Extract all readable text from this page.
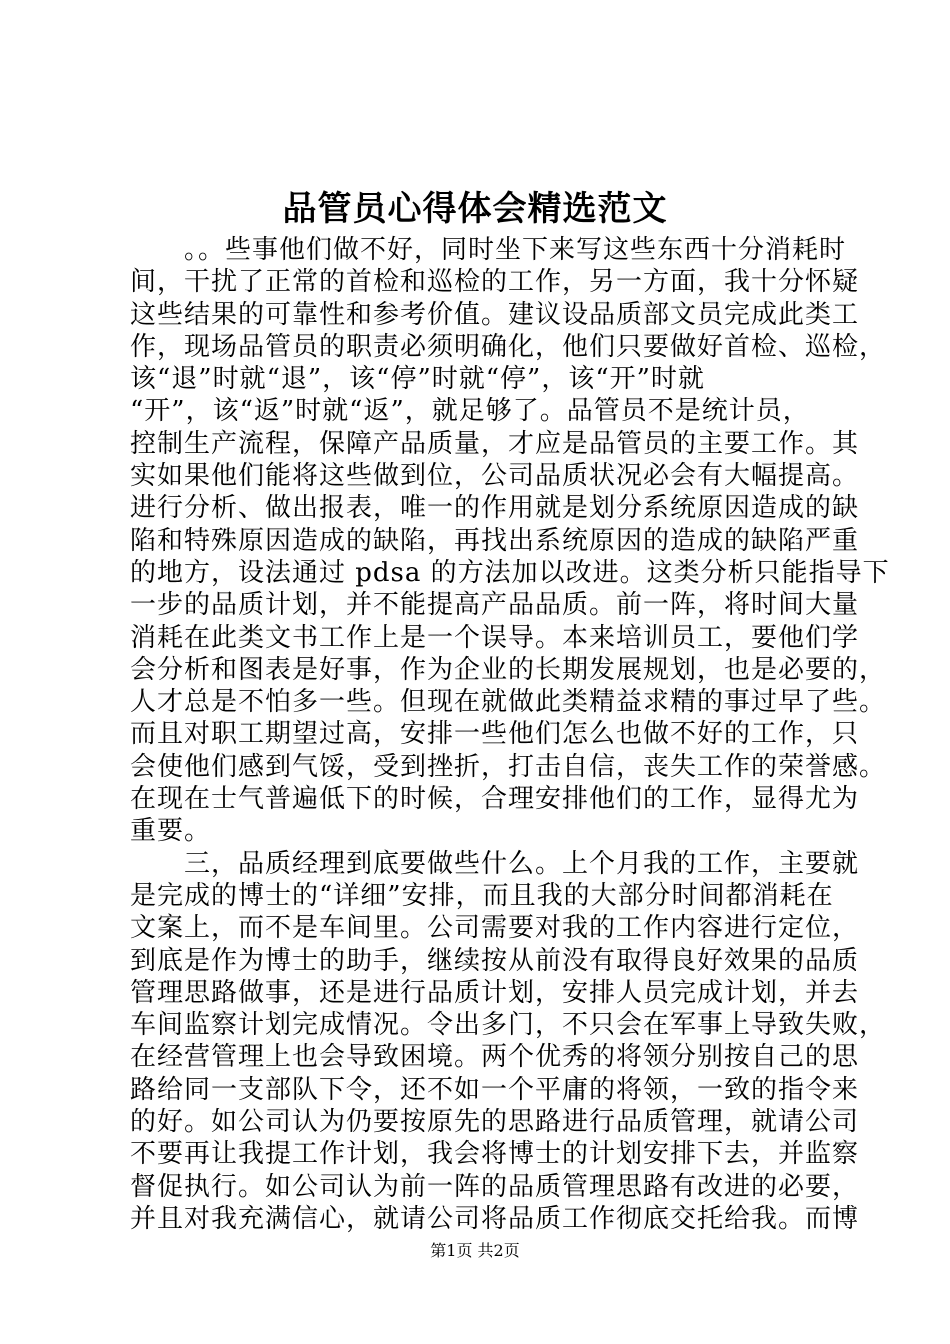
品管员心得体会精选范文
　　。。些事他们做不好，同时坐下来写这些东西十分消耗时
间，干扰了正常的首检和巡检的工作，另一方面，我十分怀疑
这些结果的可靠性和参考价值。建议设品质部文员完成此类工
作，现场品管员的职责必须明确化，他们只要做好首检、巡检，
该“退”时就“退”，该“停”时就“停”，该“开”时就
“开”，该“返”时就“返”，就足够了。品管员不是统计员，
控制生产流程，保障产品质量，才应是品管员的主要工作。其
实如果他们能将这些做到位，公司品质状况必会有大幅提高。
进行分析、做出报表，唯一的作用就是划分系统原因造成的缺
陷和特殊原因造成的缺陷，再找出系统原因的造成的缺陷严重
的地方，设法通过 pdsa 的方法加以改进。这类分析只能指导下
一步的品质计划，并不能提高产品品质。前一阵，将时间大量
消耗在此类文书工作上是一个误导。本来培训员工，要他们学
会分析和图表是好事，作为企业的长期发展规划，也是必要的，
人才总是不怕多一些。但现在就做此类精益求精的事过早了些。
而且对职工期望过高，安排一些他们怎么也做不好的工作，只
会使他们感到气馁，受到挫折，打击自信，丧失工作的荣誉感。
在现在士气普遍低下的时候，合理安排他们的工作，显得尤为
重要。
　　三，品质经理到底要做些什么。上个月我的工作，主要就
是完成的博士的“详细”安排，而且我的大部分时间都消耗在
文案上，而不是车间里。公司需要对我的工作内容进行定位，
到底是作为博士的助手，继续按从前没有取得良好效果的品质
管理思路做事，还是进行品质计划，安排人员完成计划，并去
车间监察计划完成情况。令出多门，不只会在军事上导致失败，
在经营管理上也会导致困境。两个优秀的将领分别按自己的思
路给同一支部队下令，还不如一个平庸的将领，一致的指令来
的好。如公司认为仍要按原先的思路进行品质管理，就请公司
不要再让我提工作计划，我会将博士的计划安排下去，并监察
督促执行。如公司认为前一阵的品质管理思路有改进的必要，
并且对我充满信心，就请公司将品质工作彻底交托给我。而博
第1页 共2页
